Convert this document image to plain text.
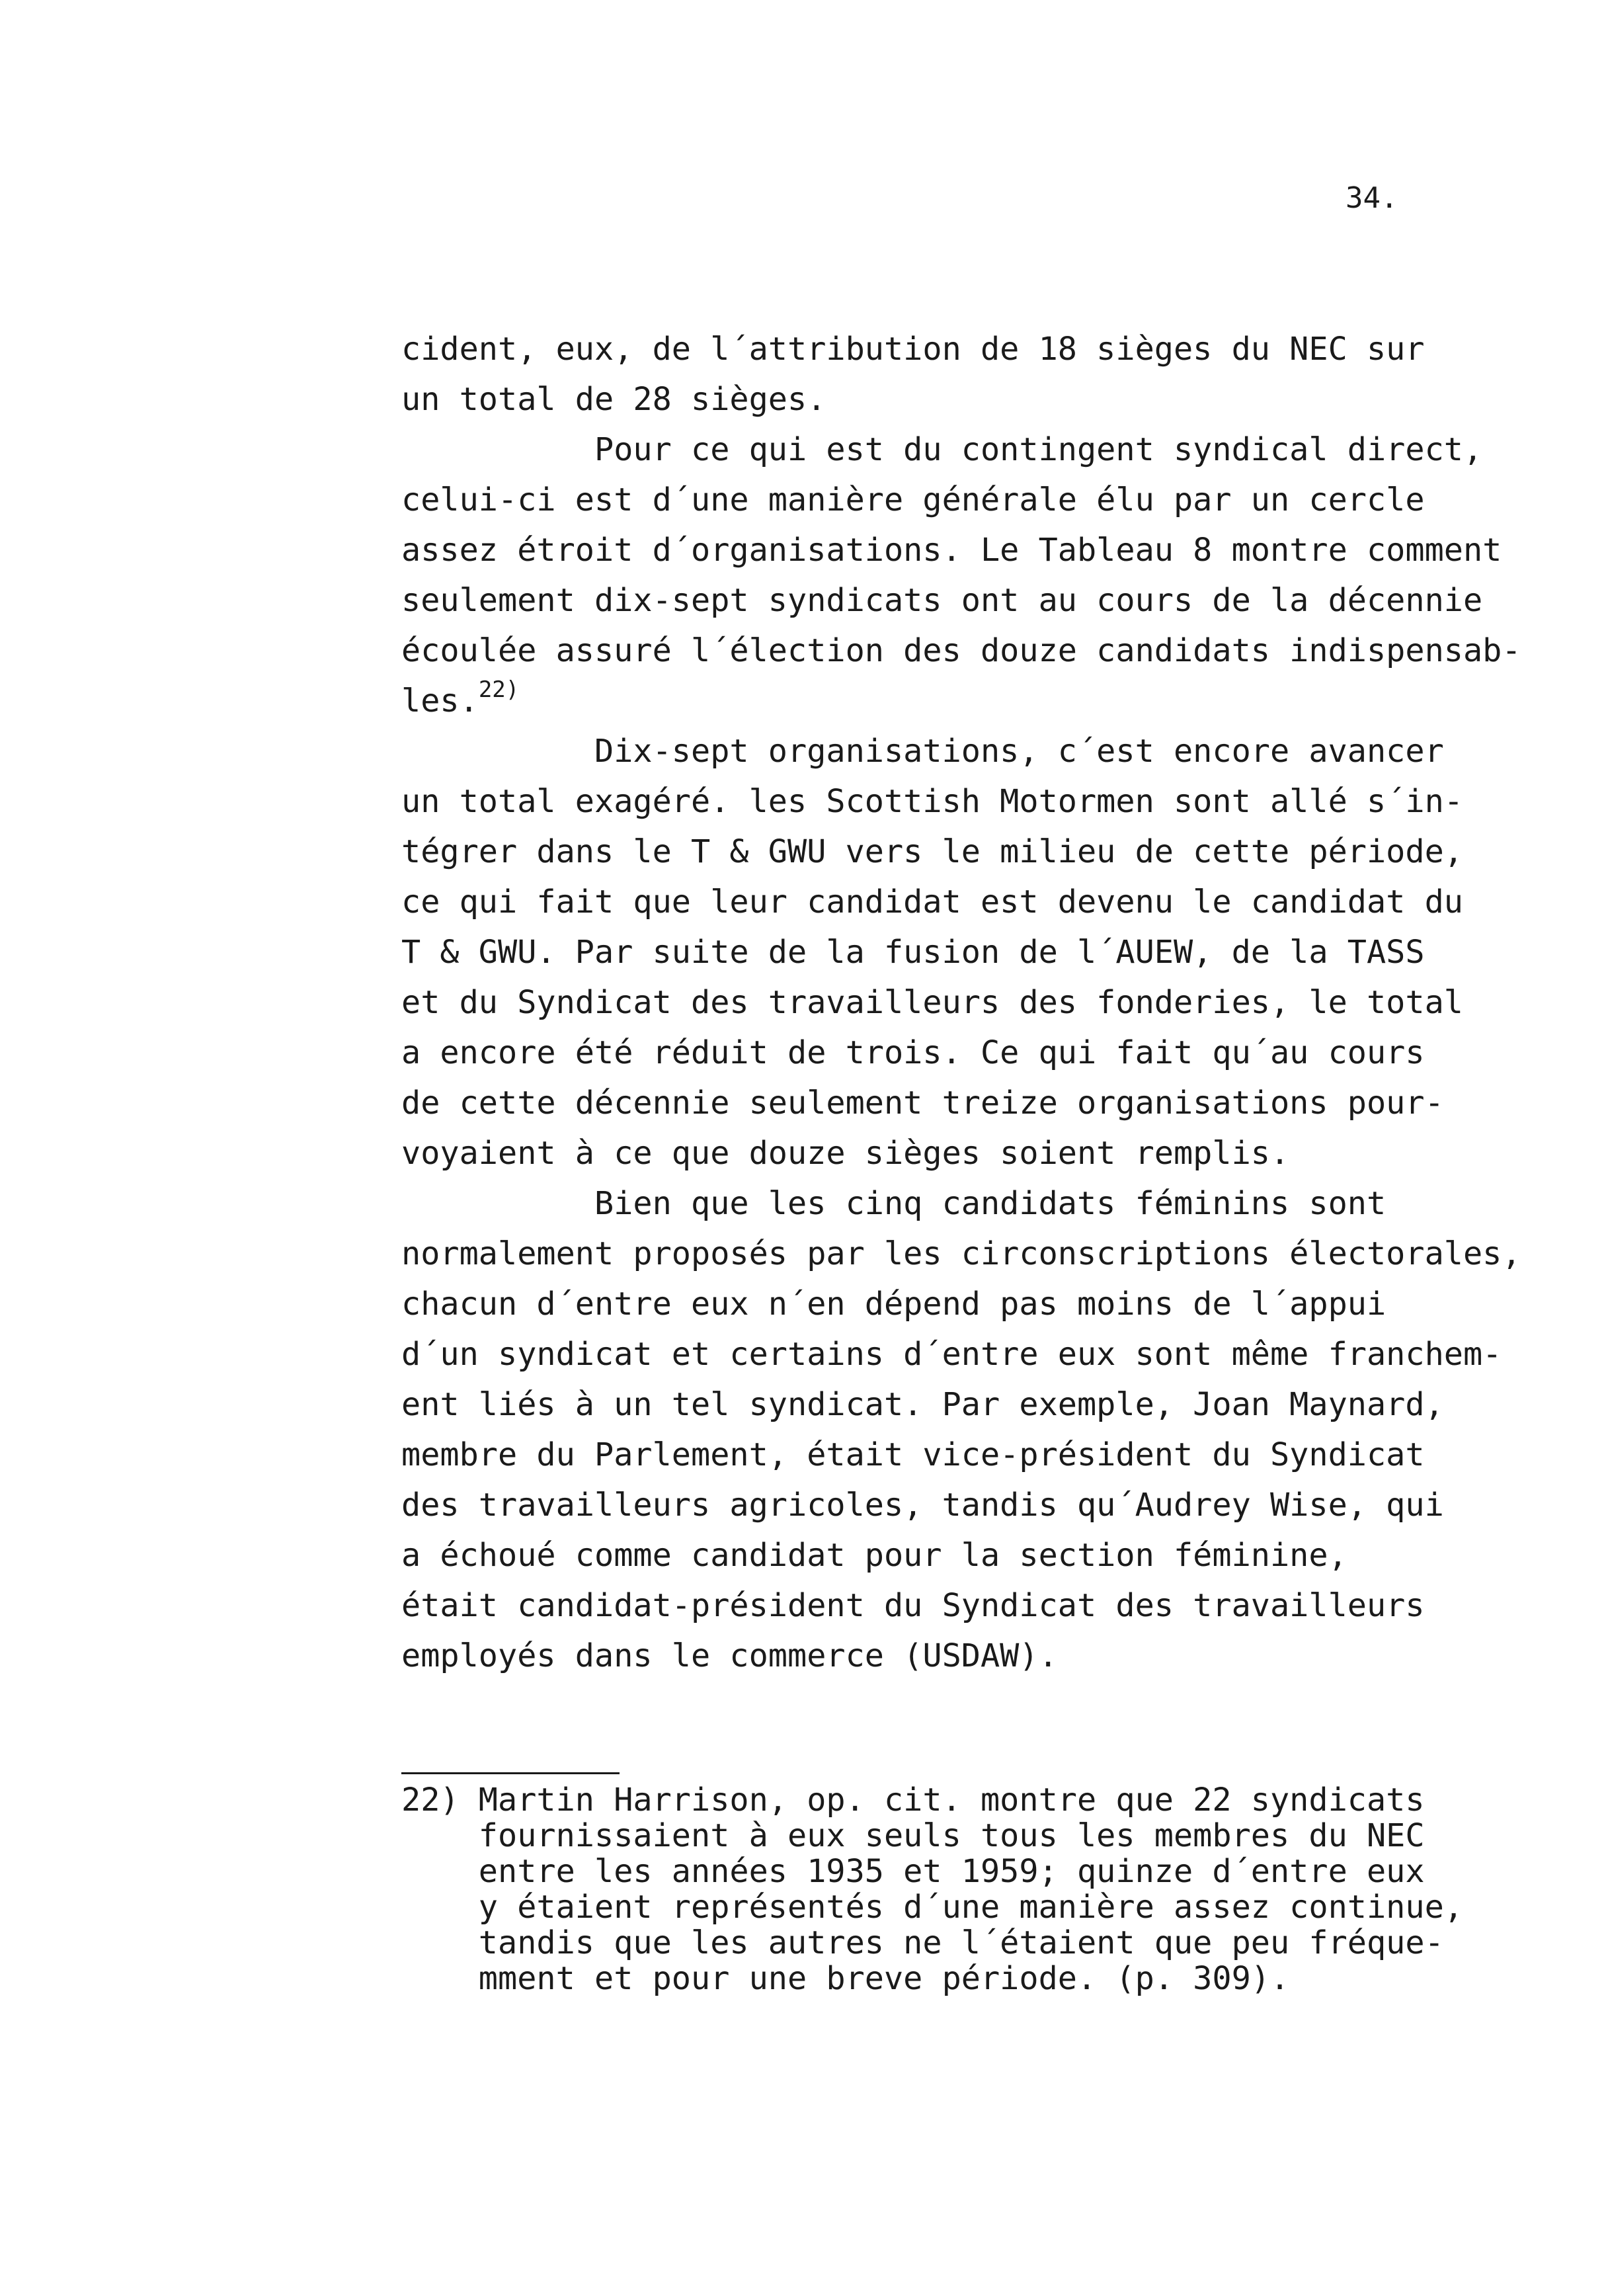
34.
cident, eux, de l´attribution de 18 sièges du NEC sur
un total de 28 sièges.
Pour ce qui est du contingent syndical direct,
celui-ci est d´une manière générale élu par un cercle
assez étroit d´organisations. Le Tableau 8 montre comment
seulement dix-sept syndicats ont au cours de la décennie
écoulée assuré l´élection des douze candidats indispensab-
les.$^{22)}$
Dix-sept organisations, c´est encore avancer
un total exagéré. les Scottish Motormen sont allé s´in-
tégrer dans le T & GWU vers le milieu de cette période,
ce qui fait que leur candidat est devenu le candidat du
T & GWU. Par suite de la fusion de l´AUEW, de la TASS
et du Syndicat des travailleurs des fonderies, le total
a encore été réduit de trois. Ce qui fait qu´au cours
de cette décennie seulement treize organisations pour-
voyaient à ce que douze sièges soient remplis.
Bien que les cinq candidats féminins sont
normalement proposés par les circonscriptions électorales,
chacun d´entre eux n´en dépend pas moins de l´appui
d´un syndicat et certains d´entre eux sont même franchem-
ent liés à un tel syndicat. Par exemple, Joan Maynard,
membre du Parlement, était vice-président du Syndicat
des travailleurs agricoles, tandis qu´Audrey Wise, qui
a échoué comme candidat pour la section féminine,
était candidat-président du Syndicat des travailleurs
employés dans le commerce (USDAW).
22) Martin Harrison, op. cit. montre que 22 syndicats
fournissaient à eux seuls tous les membres du NEC
entre les années 1935 et 1959; quinze d´entre eux
y étaient représentés d´une manière assez continue,
tandis que les autres ne l´étaient que peu fréque-
mment et pour une breve période. (p. 309).
